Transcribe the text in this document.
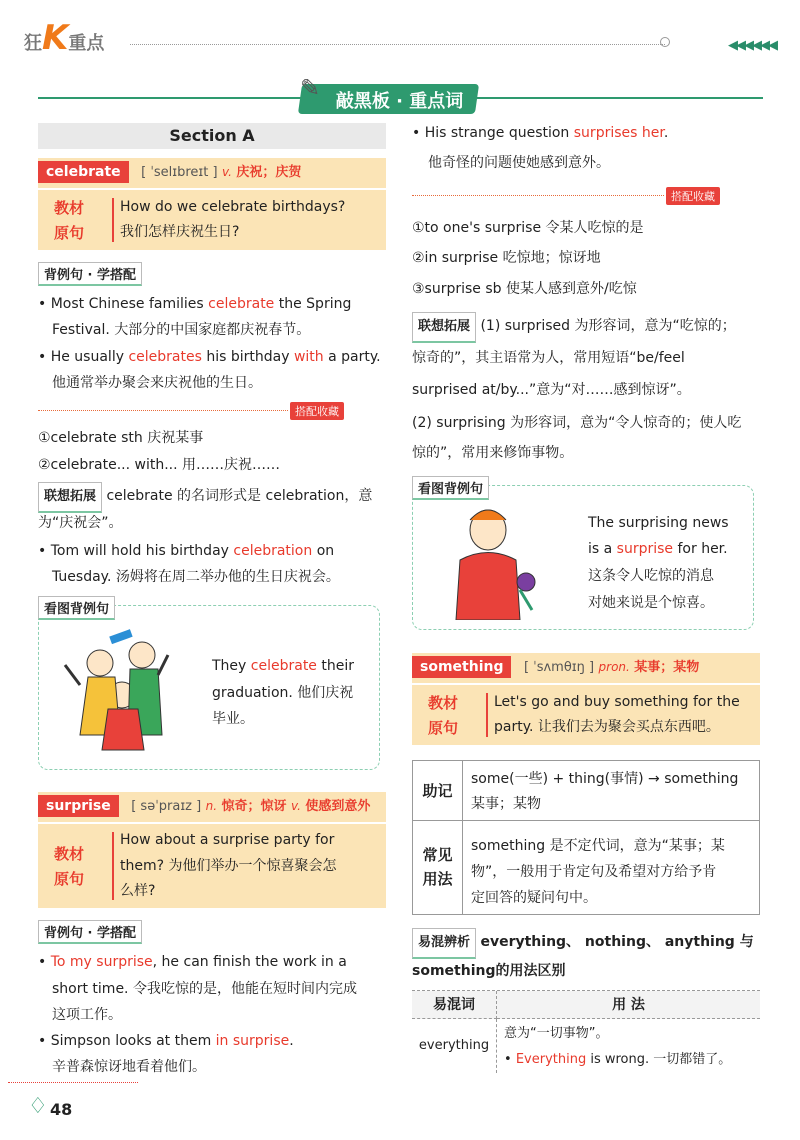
狂K重点	◀◀◀◀◀◀
敲黑板 · 重点词
✎
Section A
celebrate [ ˈselɪbreɪt ] v. 庆祝；庆贺
教材
原句
How do we celebrate birthdays?
我们怎样庆祝生日?
背例句 · 学搭配
• Most Chinese families celebrate the Spring
Festival. 大部分的中国家庭都庆祝春节。
• He usually celebrates his birthday with a party.
他通常举办聚会来庆祝他的生日。
搭配收藏
①celebrate sth 庆祝某事
②celebrate... with... 用……庆祝……
联想拓展 celebrate 的名词形式是 celebration，意
为“庆祝会”。
• Tom will hold his birthday celebration on
Tuesday. 汤姆将在周二举办他的生日庆祝会。
看图背例句
They celebrate their
graduation. 他们庆祝
毕业。
surprise [ səˈpraɪz ] n. 惊奇；惊讶 v. 使感到意外
教材
原句
How about a surprise party for
them? 为他们举办一个惊喜聚会怎
么样?
背例句 · 学搭配
• To my surprise, he can finish the work in a
short time. 令我吃惊的是，他能在短时间内完成
这项工作。
• Simpson looks at them in surprise.
辛普森惊讶地看着他们。
♢ 48
• His strange question surprises her.
他奇怪的问题使她感到意外。
搭配收藏
①to one's surprise 令某人吃惊的是
②in surprise 吃惊地；惊讶地
③surprise sb 使某人感到意外/吃惊
联想拓展 (1) surprised 为形容词，意为“吃惊的；
惊奇的”，其主语常为人，常用短语“be/feel
surprised at/by...”意为“对……感到惊讶”。
(2) surprising 为形容词，意为“令人惊奇的；使人吃
惊的”，常用来修饰事物。
看图背例句
The surprising news
is a surprise for her.
这条令人吃惊的消息
对她来说是个惊喜。
something [ ˈsʌmθɪŋ ] pron. 某事；某物
教材
原句
Let's go and buy something for the
party. 让我们去为聚会买点东西吧。
助记
some(一些) + thing(事情) → something
某事；某物
常见
用法
something 是不定代词，意为“某事；某
物”，一般用于肯定句及希望对方给予肯
定回答的疑问句中。
易混辨析 everything、 nothing、 anything 与
something的用法区别
易混词	用 法
everything
意为“一切事物”。
• Everything is wrong. 一切都错了。
